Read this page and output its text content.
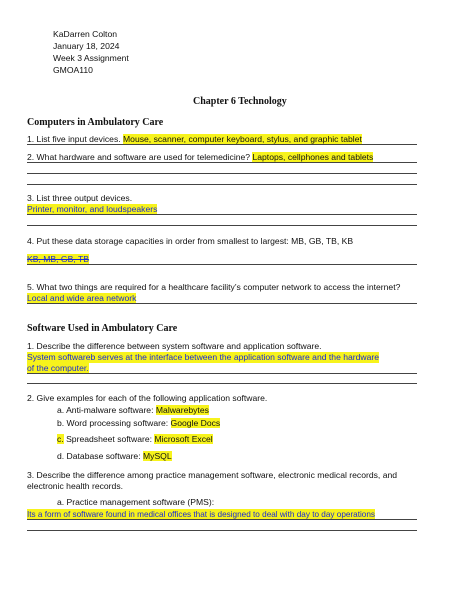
KaDarren Colton
January 18, 2024
Week 3 Assignment
GMOA110
Chapter 6 Technology
Computers in Ambulatory Care
1. List five input devices. Mouse, scanner, computer keyboard, stylus, and graphic tablet
2. What hardware and software are used for telemedicine? Laptops, cellphones and tablets
3. List three output devices.
Printer, monitor, and loudspeakers
4. Put these data storage capacities in order from smallest to largest: MB, GB, TB, KB
KB, MB, GB, TB
5. What two things are required for a healthcare facility’s computer network to access the internet?
Local and wide area network
Software Used in Ambulatory Care
1. Describe the difference between system software and application software.
System softwareb serves at the interface between the application software and the hardware
of the computer.
2. Give examples for each of the following application software.
a. Anti-malware software: Malwarebytes
b. Word processing software: Google Docs
c. Spreadsheet software: Microsoft Excel
d. Database software: MySQL
3. Describe the difference among practice management software, electronic medical records, and
electronic health records.
a. Practice management software (PMS):
Its a form of software found in medical offices that is designed to deal with day to day operations
